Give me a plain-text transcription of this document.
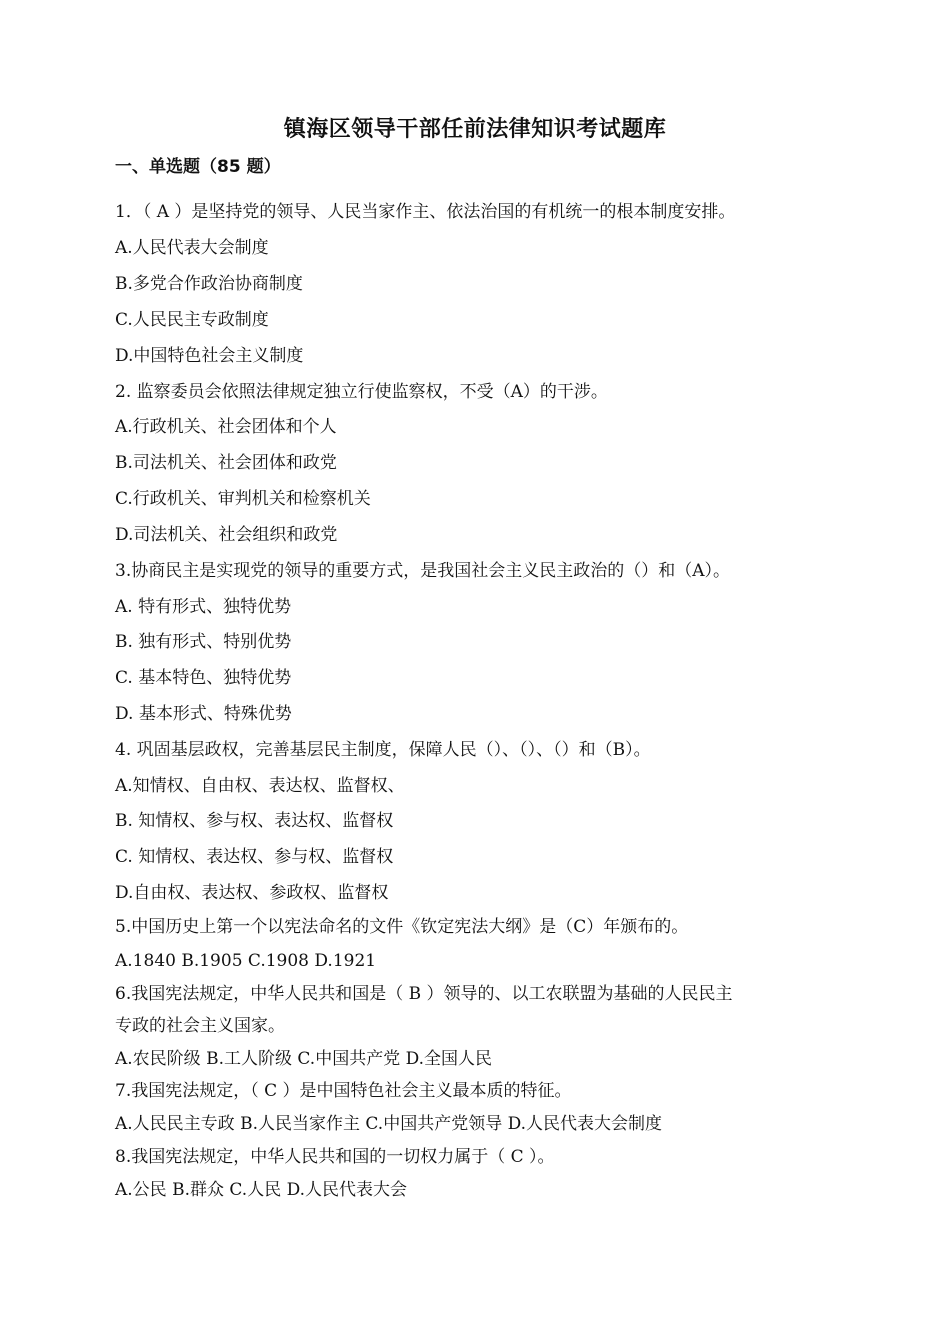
镇海区领导干部任前法律知识考试题库
一、单选题（85 题）
1．（ A ）是坚持党的领导、人民当家作主、依法治国的有机统一的根本制度安排。
A.人民代表大会制度
B.多党合作政治协商制度
C.人民民主专政制度
D.中国特色社会主义制度
2. 监察委员会依照法律规定独立行使监察权，不受（A）的干涉。
A.行政机关、社会团体和个人
B.司法机关、社会团体和政党
C.行政机关、审判机关和检察机关
D.司法机关、社会组织和政党
3.协商民主是实现党的领导的重要方式，是我国社会主义民主政治的（）和（A）。
A. 特有形式、独特优势
B. 独有形式、特别优势
C. 基本特色、独特优势
D. 基本形式、特殊优势
4. 巩固基层政权，完善基层民主制度，保障人民（）、（）、（）和（B）。
A.知情权、自由权、表达权、监督权、
B. 知情权、参与权、表达权、监督权
C. 知情权、表达权、参与权、监督权
D.自由权、表达权、参政权、监督权
5.中国历史上第一个以宪法命名的文件《钦定宪法大纲》是（C）年颁布的。
A.1840 B.1905 C.1908 D.1921
6.我国宪法规定，中华人民共和国是（ B ）领导的、以工农联盟为基础的人民民主
专政的社会主义国家。
A.农民阶级 B.工人阶级 C.中国共产党 D.全国人民
7.我国宪法规定，（ C ）是中国特色社会主义最本质的特征。
A.人民民主专政 B.人民当家作主 C.中国共产党领导 D.人民代表大会制度
8.我国宪法规定，中华人民共和国的一切权力属于（ C ）。
A.公民 B.群众 C.人民 D.人民代表大会
